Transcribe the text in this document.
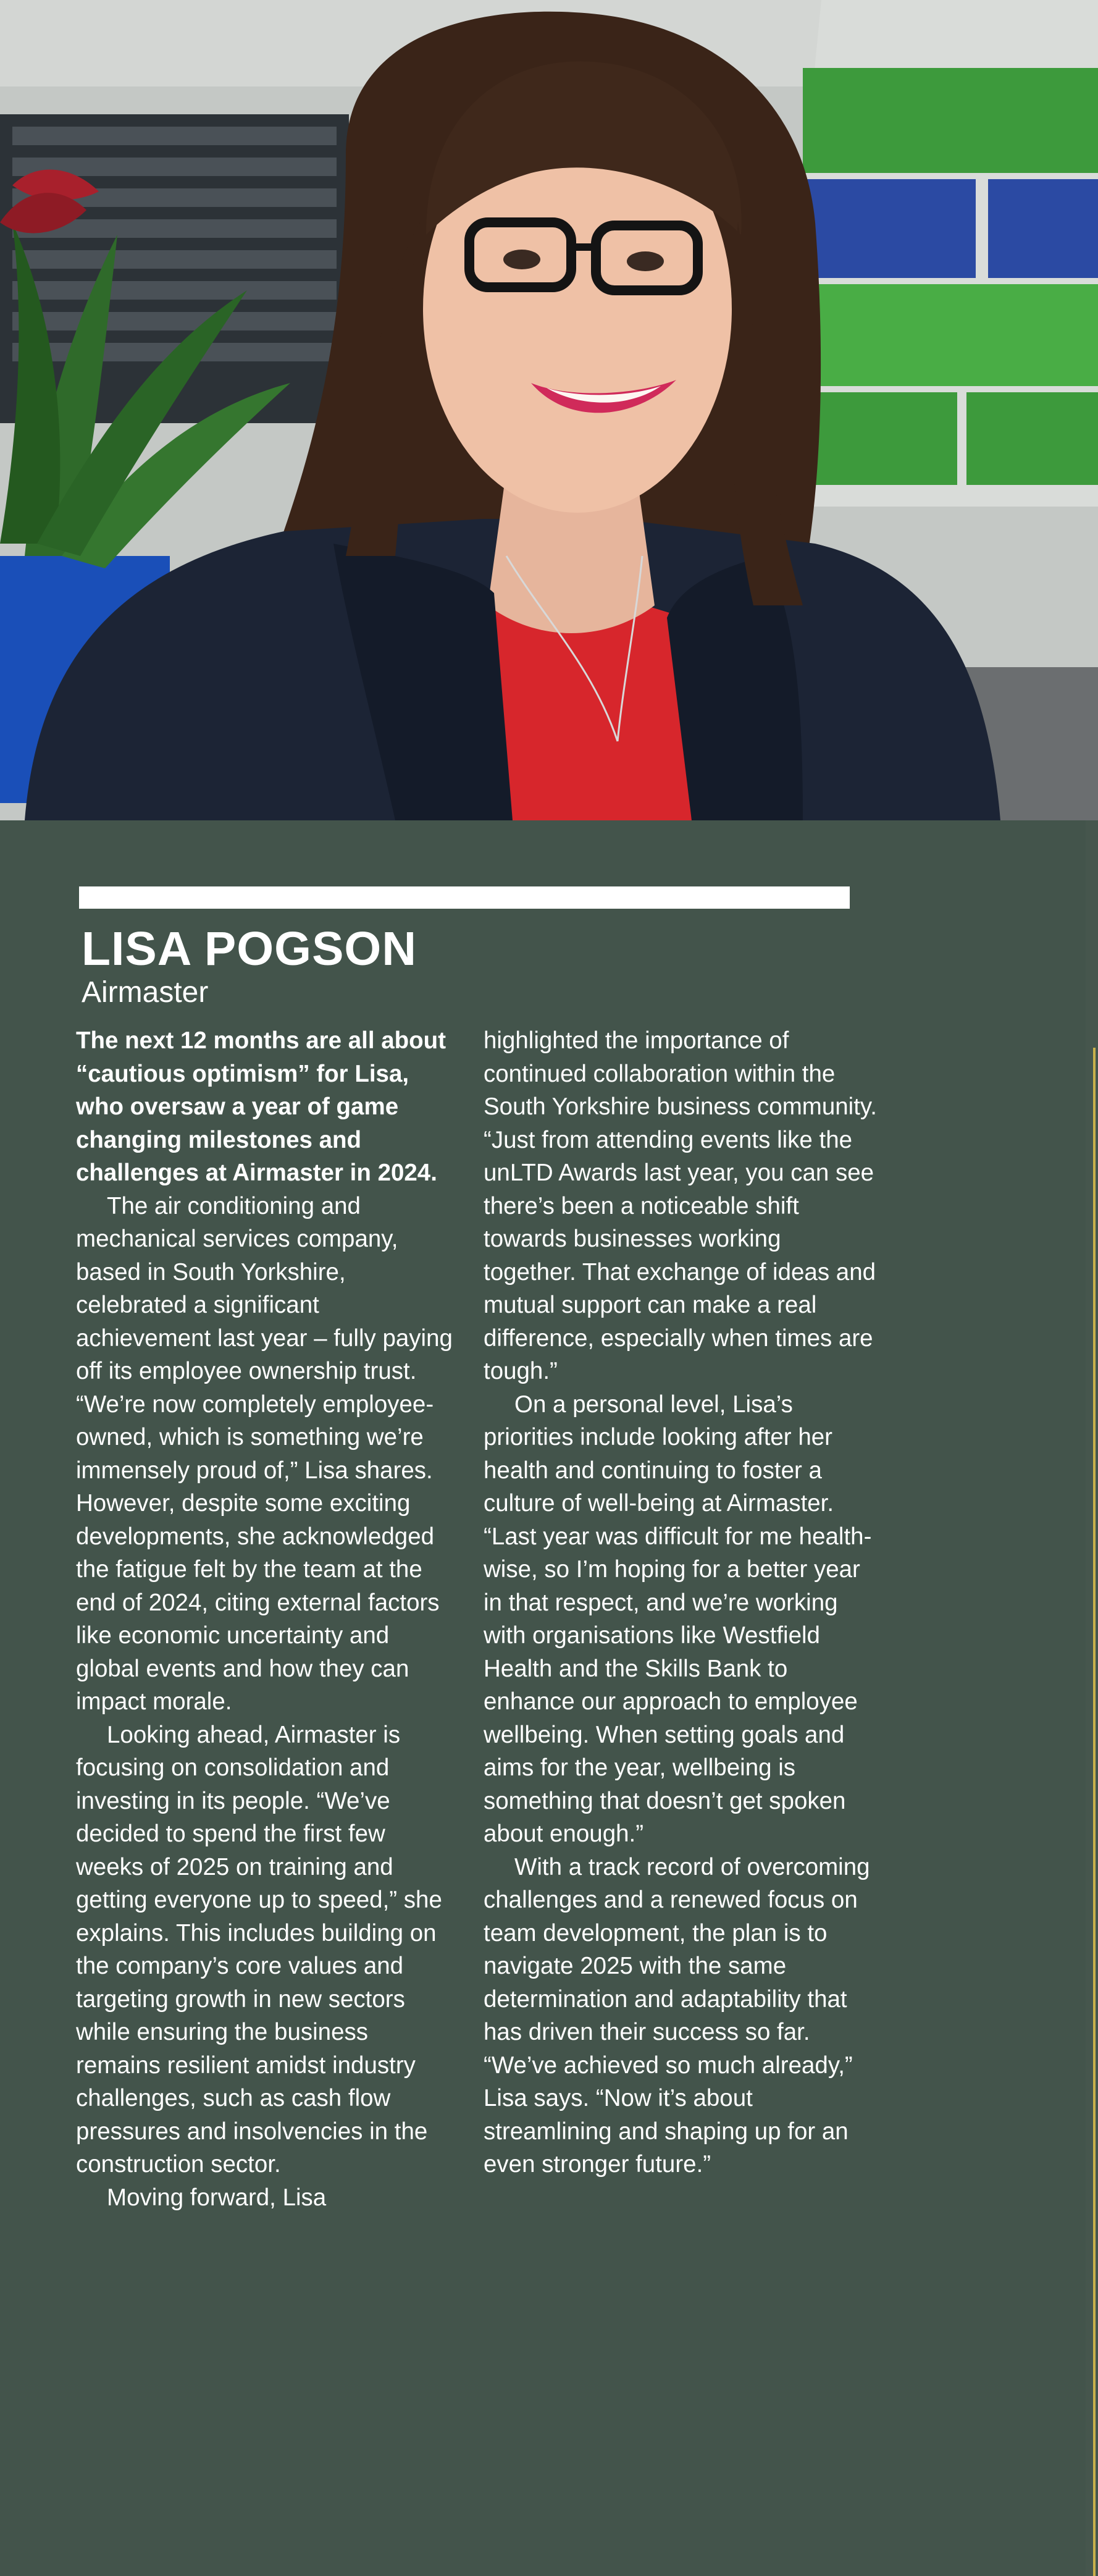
LISA POGSON
Airmaster

The next 12 months are all about “cautious optimism” for Lisa, who oversaw a year of game changing milestones and challenges at Airmaster in 2024.

The air conditioning and mechanical services company, based in South Yorkshire, celebrated a significant achievement last year – fully paying off its employee ownership trust. “We’re now completely employee-owned, which is something we’re immensely proud of,” Lisa shares. However, despite some exciting developments, she acknowledged the fatigue felt by the team at the end of 2024, citing external factors like economic uncertainty and global events and how they can impact morale.

Looking ahead, Airmaster is focusing on consolidation and investing in its people. “We’ve decided to spend the first few weeks of 2025 on training and getting everyone up to speed,” she explains. This includes building on the company’s core values and targeting growth in new sectors while ensuring the business remains resilient amidst industry challenges, such as cash flow pressures and insolvencies in the construction sector.

Moving forward, Lisa

highlighted the importance of continued collaboration within the South Yorkshire business community. “Just from attending events like the unLTD Awards last year, you can see there’s been a noticeable shift towards businesses working together. That exchange of ideas and mutual support can make a real difference, especially when times are tough.”

On a personal level, Lisa’s priorities include looking after her health and continuing to foster a culture of well-being at Airmaster. “Last year was difficult for me health-wise, so I’m hoping for a better year in that respect, and we’re working with organisations like Westfield Health and the Skills Bank to enhance our approach to employee wellbeing. When setting goals and aims for the year, wellbeing is something that doesn’t get spoken about enough.”

With a track record of overcoming challenges and a renewed focus on team development, the plan is to navigate 2025 with the same determination and adaptability that has driven their success so far. “We’ve achieved so much already,” Lisa says. “Now it’s about streamlining and shaping up for an even stronger future.”
